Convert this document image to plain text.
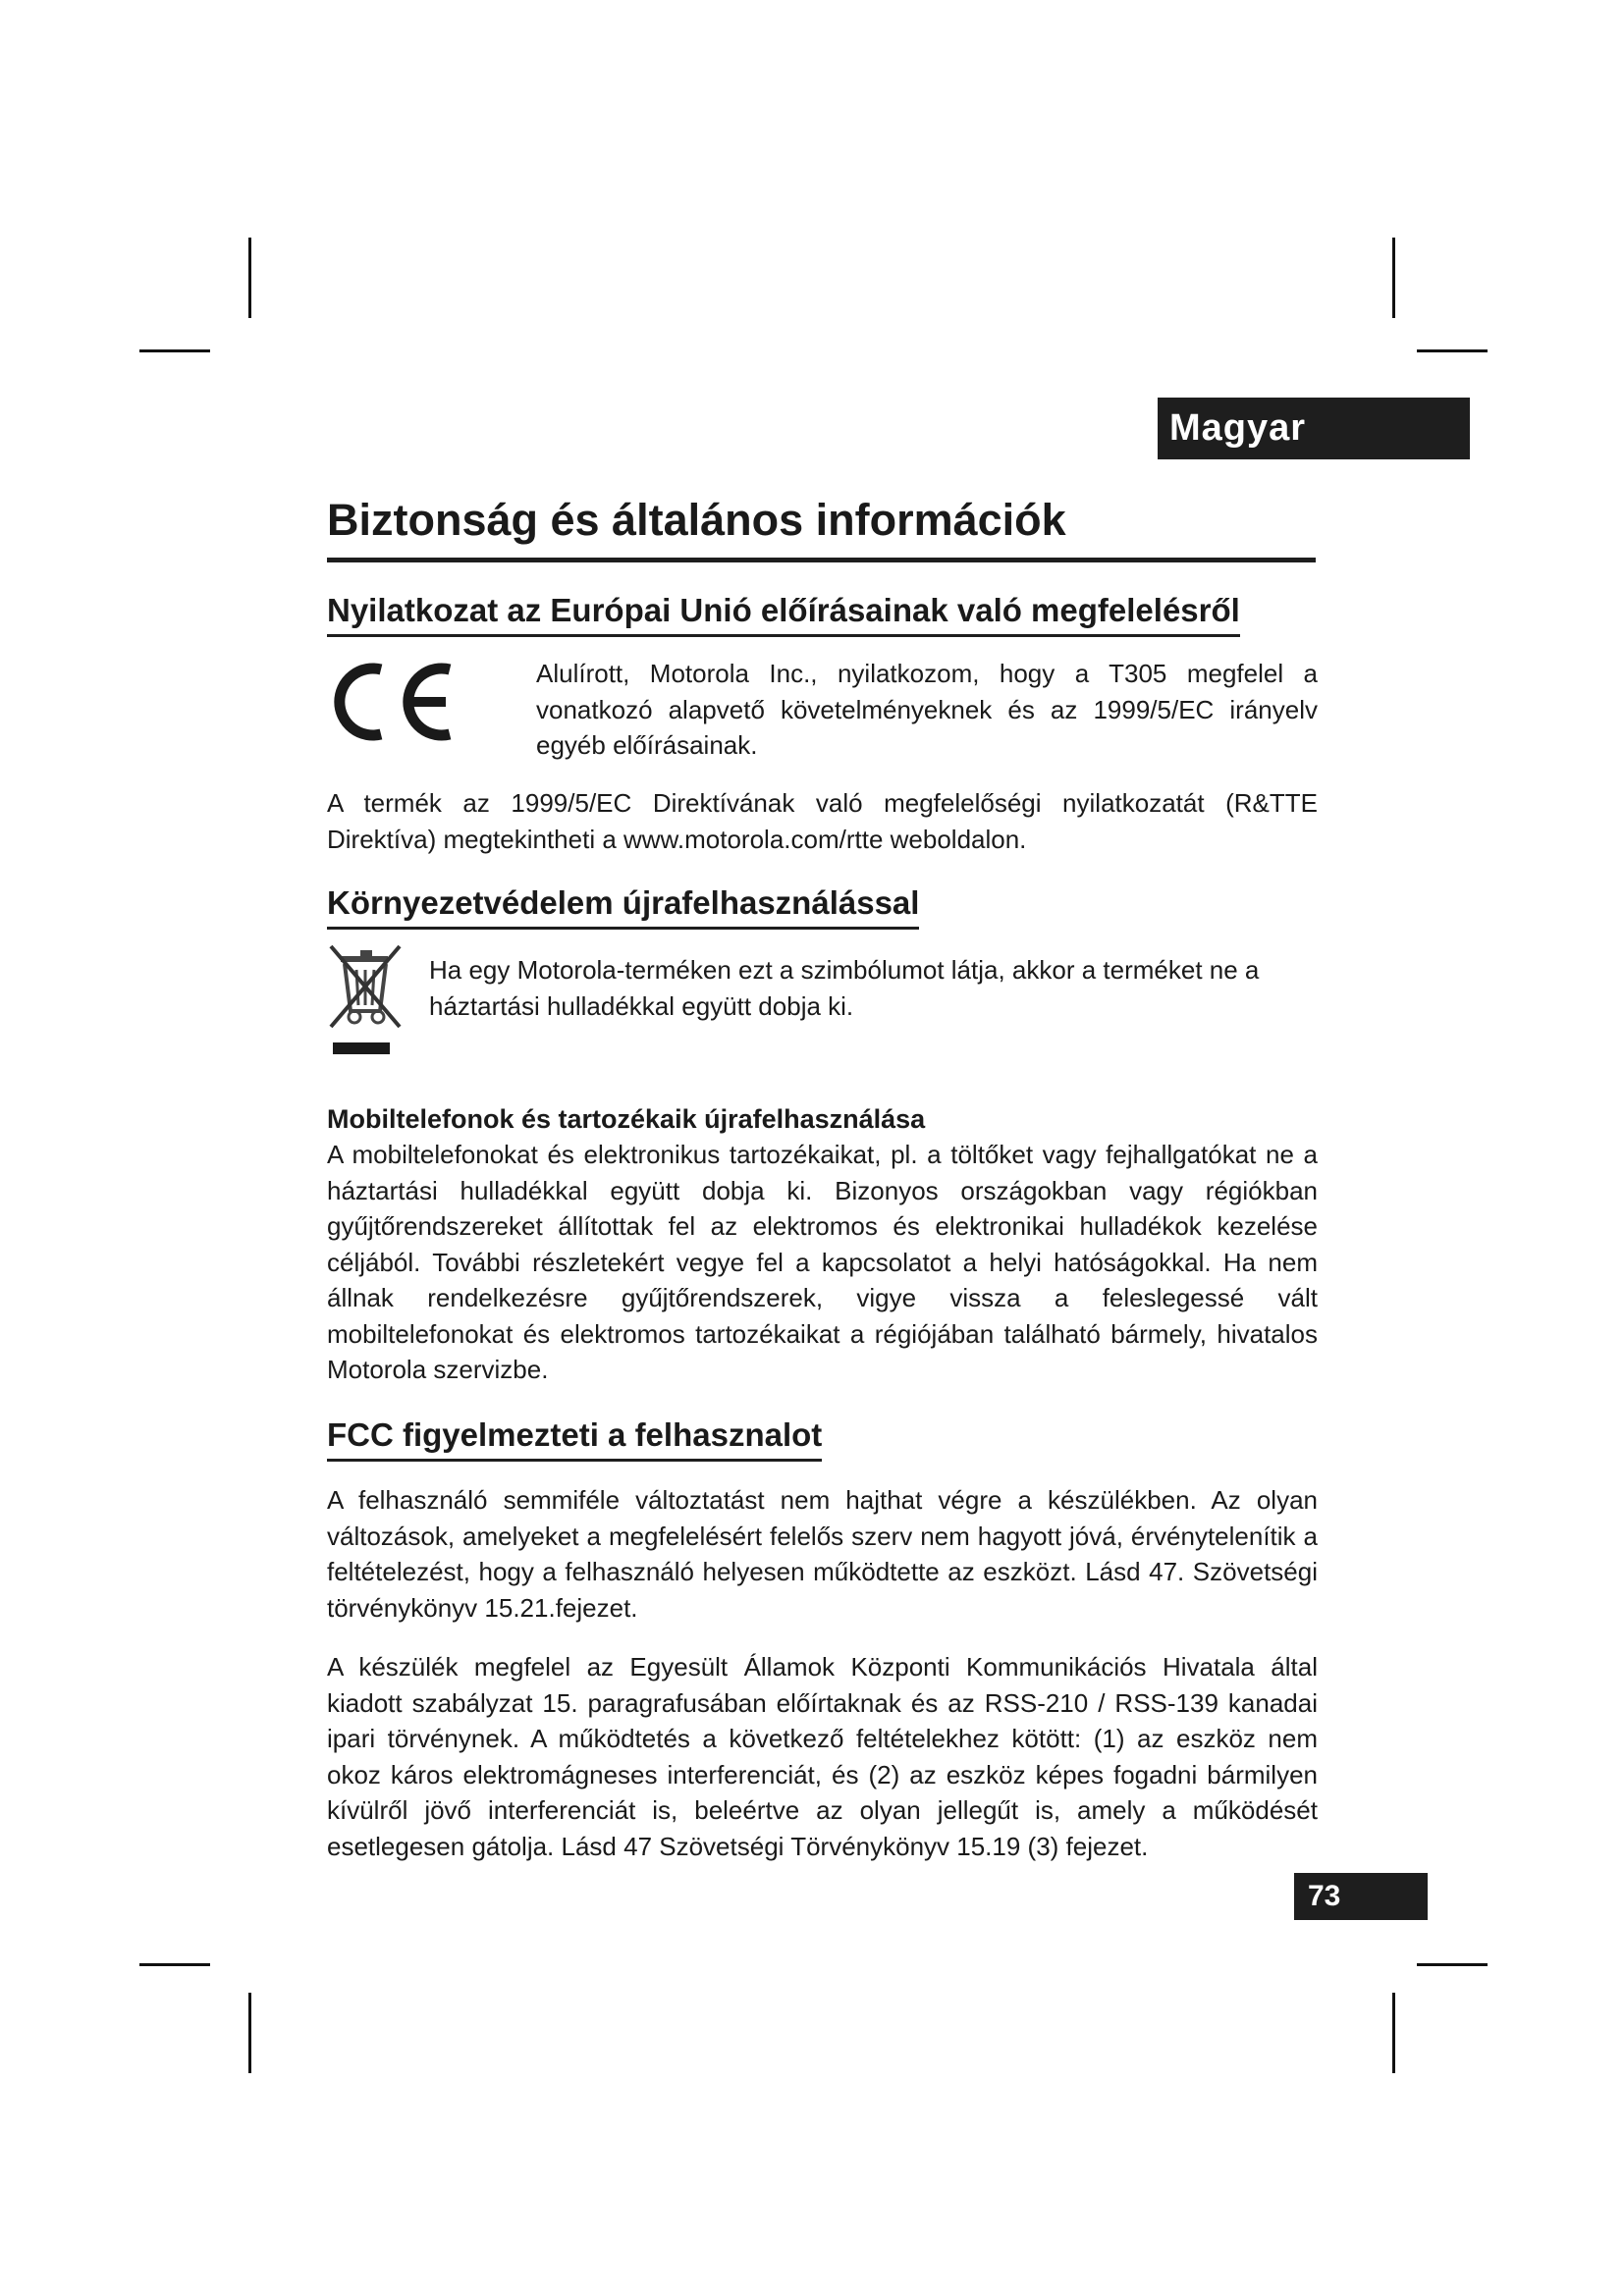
Magyar
Biztonság és általános információk
Nyilatkozat az Európai Unió előírásainak való megfelelésről

Alulírott, Motorola Inc., nyilatkozom, hogy a T305 megfelel a vonatkozó alapvető követelményeknek és az 1999/5/EC irányelv egyéb előírásainak.

A termék az 1999/5/EC Direktívának való megfelelőségi nyilatkozatát (R&TTE Direktíva) megtekintheti a www.motorola.com/rtte weboldalon.

Környezetvédelem újrafelhasználással

Ha egy Motorola-terméken ezt a szimbólumot látja, akkor a terméket ne a háztartási hulladékkal együtt dobja ki.

Mobiltelefonok és tartozékaik újrafelhasználása

A mobiltelefonokat és elektronikus tartozékaikat, pl. a töltőket vagy fejhallgatókat ne a háztartási hulladékkal együtt dobja ki. Bizonyos országokban vagy régiókban gyűjtőrendszereket állítottak fel az elektromos és elektronikai hulladékok kezelése céljából. További részletekért vegye fel a kapcsolatot a helyi hatóságokkal. Ha nem állnak rendelkezésre gyűjtőrendszerek, vigye vissza a feleslegessé vált mobiltelefonokat és elektromos tartozékaikat a régiójában található bármely, hivatalos Motorola szervizbe.

FCC figyelmezteti a felhasznalot

A felhasználó semmiféle változtatást nem hajthat végre a készülékben. Az olyan változások, amelyeket a megfelelésért felelős szerv nem hagyott jóvá, érvénytelenítik a feltételezést, hogy a felhasználó helyesen működtette az eszközt. Lásd 47. Szövetségi törvénykönyv 15.21.fejezet.

A készülék megfelel az Egyesült Államok Központi Kommunikációs Hivatala által kiadott szabályzat 15. paragrafusában előírtaknak és az RSS-210 / RSS-139 kanadai ipari törvénynek. A működtetés a következő feltételekhez kötött: (1) az eszköz nem okoz káros elektromágneses interferenciát, és (2) az eszköz képes fogadni bármilyen kívülről jövő interferenciát is, beleértve az olyan jellegűt is, amely a működését esetlegesen gátolja. Lásd 47 Szövetségi Törvénykönyv 15.19 (3) fejezet.

73
